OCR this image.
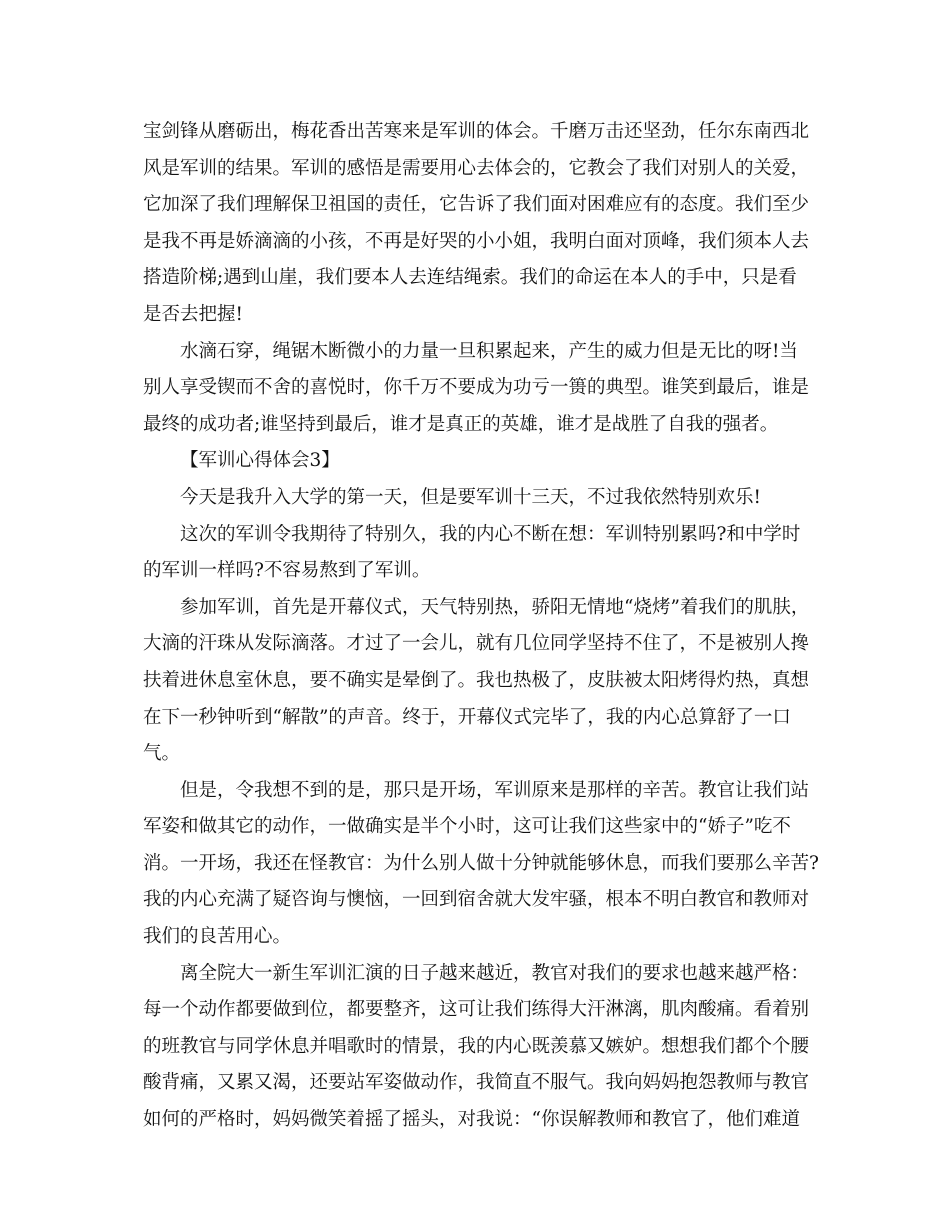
宝剑锋从磨砺出，梅花香出苦寒来是军训的体会。千磨万击还坚劲，任尔东南西北
风是军训的结果。军训的感悟是需要用心去体会的，它教会了我们对别人的关爱，
它加深了我们理解保卫祖国的责任，它告诉了我们面对困难应有的态度。我们至少
是我不再是娇滴滴的小孩，不再是好哭的小小姐，我明白面对顶峰，我们须本人去
搭造阶梯;遇到山崖，我们要本人去连结绳索。我们的命运在本人的手中，只是看
是否去把握!
水滴石穿，绳锯木断微小的力量一旦积累起来，产生的威力但是无比的呀!当
别人享受锲而不舍的喜悦时，你千万不要成为功亏一篑的典型。谁笑到最后，谁是
最终的成功者;谁坚持到最后，谁才是真正的英雄，谁才是战胜了自我的强者。
【军训心得体会3】
今天是我升入大学的第一天，但是要军训十三天，不过我依然特别欢乐!
这次的军训令我期待了特别久，我的内心不断在想：军训特别累吗?和中学时
的军训一样吗?不容易熬到了军训。
参加军训，首先是开幕仪式，天气特别热，骄阳无情地“烧烤”着我们的肌肤，
大滴的汗珠从发际滴落。才过了一会儿，就有几位同学坚持不住了，不是被别人搀
扶着进休息室休息，要不确实是晕倒了。我也热极了，皮肤被太阳烤得灼热，真想
在下一秒钟听到“解散”的声音。终于，开幕仪式完毕了，我的内心总算舒了一口
气。
但是，令我想不到的是，那只是开场，军训原来是那样的辛苦。教官让我们站
军姿和做其它的动作，一做确实是半个小时，这可让我们这些家中的“娇子”吃不
消。一开场，我还在怪教官：为什么别人做十分钟就能够休息，而我们要那么辛苦?
我的内心充满了疑咨询与懊恼，一回到宿舍就大发牢骚，根本不明白教官和教师对
我们的良苦用心。
离全院大一新生军训汇演的日子越来越近，教官对我们的要求也越来越严格：
每一个动作都要做到位，都要整齐，这可让我们练得大汗淋漓，肌肉酸痛。看着别
的班教官与同学休息并唱歌时的情景，我的内心既羡慕又嫉妒。想想我们都个个腰
酸背痛，又累又渴，还要站军姿做动作，我简直不服气。我向妈妈抱怨教师与教官
如何的严格时，妈妈微笑着摇了摇头，对我说：“你误解教师和教官了，他们难道
